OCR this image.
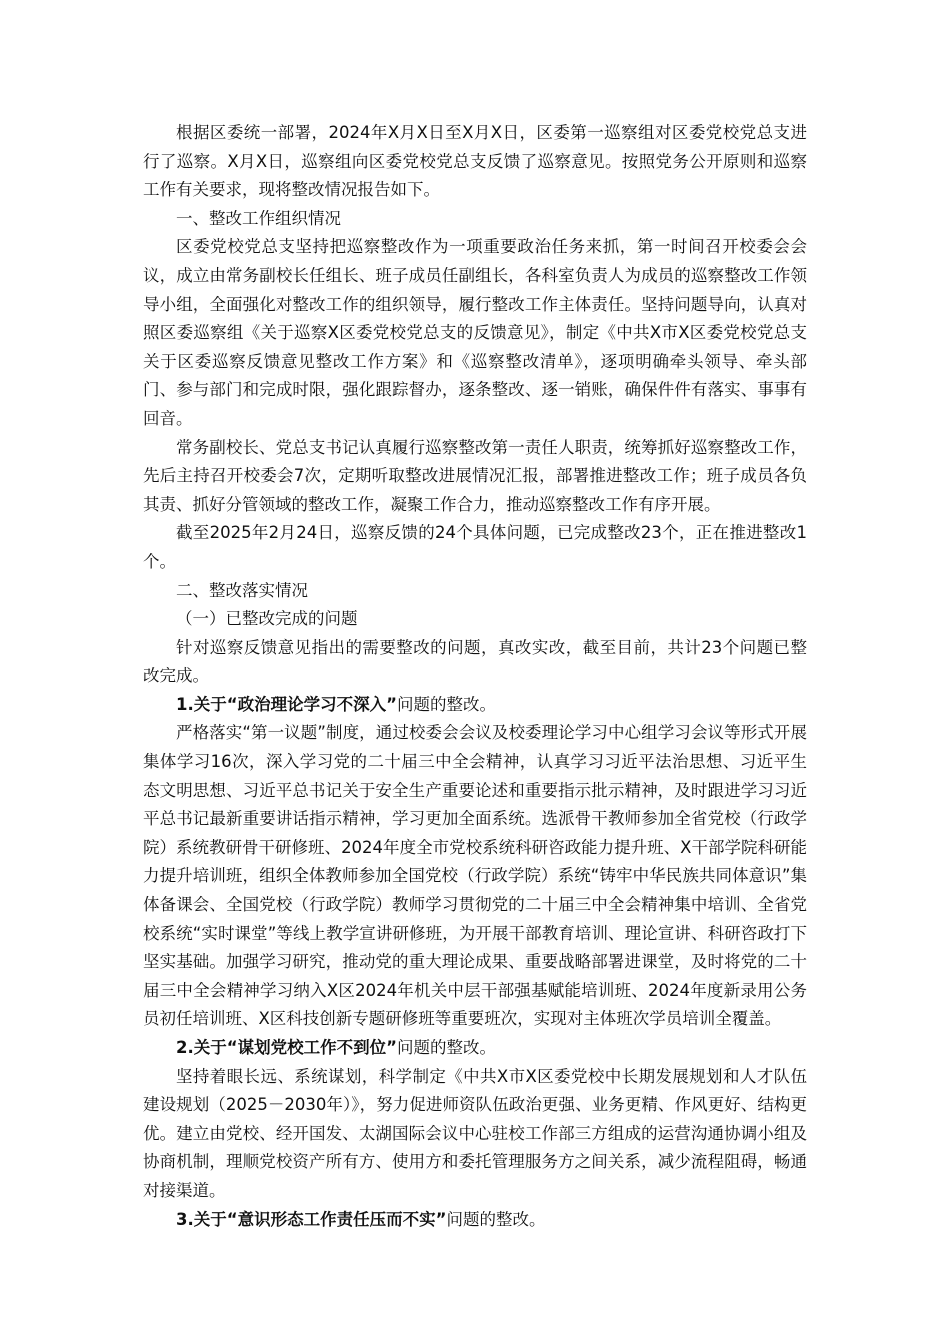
根据区委统一部署，2024年X月X日至X月X日，区委第一巡察组对区委党校党总支进行了巡察。X月X日，巡察组向区委党校党总支反馈了巡察意见。按照党务公开原则和巡察工作有关要求，现将整改情况报告如下。

一、整改工作组织情况

区委党校党总支坚持把巡察整改作为一项重要政治任务来抓，第一时间召开校委会会议，成立由常务副校长任组长、班子成员任副组长，各科室负责人为成员的巡察整改工作领导小组，全面强化对整改工作的组织领导，履行整改工作主体责任。坚持问题导向，认真对照区委巡察组《关于巡察X区委党校党总支的反馈意见》，制定《中共X市X区委党校党总支关于区委巡察反馈意见整改工作方案》和《巡察整改清单》，逐项明确牵头领导、牵头部门、参与部门和完成时限，强化跟踪督办，逐条整改、逐一销账，确保件件有落实、事事有回音。

常务副校长、党总支书记认真履行巡察整改第一责任人职责，统筹抓好巡察整改工作，先后主持召开校委会7次，定期听取整改进展情况汇报，部署推进整改工作；班子成员各负其责、抓好分管领域的整改工作，凝聚工作合力，推动巡察整改工作有序开展。

截至2025年2月24日，巡察反馈的24个具体问题，已完成整改23个，正在推进整改1个。

二、整改落实情况

（一）已整改完成的问题

针对巡察反馈意见指出的需要整改的问题，真改实改，截至目前，共计23个问题已整改完成。

1.关于“政治理论学习不深入”问题的整改。

严格落实“第一议题”制度，通过校委会会议及校委理论学习中心组学习会议等形式开展集体学习16次，深入学习党的二十届三中全会精神，认真学习习近平法治思想、习近平生态文明思想、习近平总书记关于安全生产重要论述和重要指示批示精神，及时跟进学习习近平总书记最新重要讲话指示精神，学习更加全面系统。选派骨干教师参加全省党校（行政学院）系统教研骨干研修班、2024年度全市党校系统科研咨政能力提升班、X干部学院科研能力提升培训班，组织全体教师参加全国党校（行政学院）系统“铸牢中华民族共同体意识”集体备课会、全国党校（行政学院）教师学习贯彻党的二十届三中全会精神集中培训、全省党校系统“实时课堂”等线上教学宣讲研修班，为开展干部教育培训、理论宣讲、科研咨政打下坚实基础。加强学习研究，推动党的重大理论成果、重要战略部署进课堂，及时将党的二十届三中全会精神学习纳入X区2024年机关中层干部强基赋能培训班、2024年度新录用公务员初任培训班、X区科技创新专题研修班等重要班次，实现对主体班次学员培训全覆盖。

2.关于“谋划党校工作不到位”问题的整改。

坚持着眼长远、系统谋划，科学制定《中共X市X区委党校中长期发展规划和人才队伍建设规划（2025－2030年）》，努力促进师资队伍政治更强、业务更精、作风更好、结构更优。建立由党校、经开国发、太湖国际会议中心驻校工作部三方组成的运营沟通协调小组及协商机制，理顺党校资产所有方、使用方和委托管理服务方之间关系，减少流程阻碍，畅通对接渠道。

3.关于“意识形态工作责任压而不实”问题的整改。
